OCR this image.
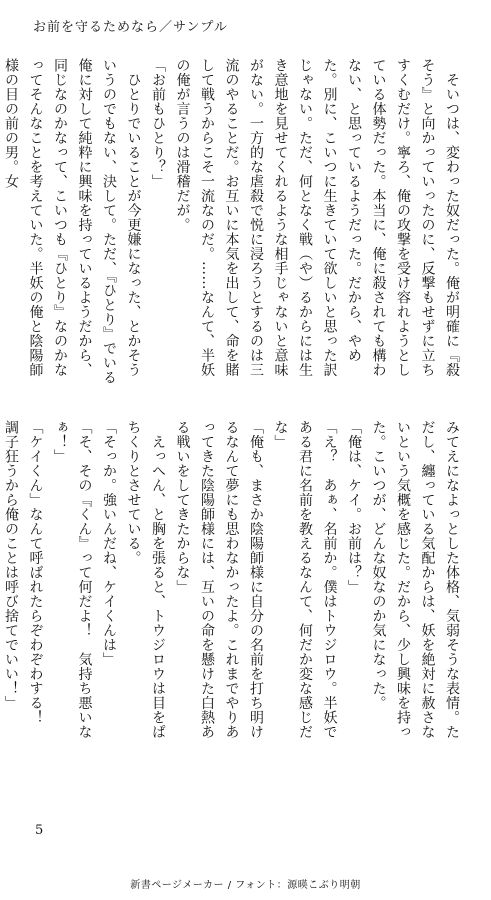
お前を守るためなら／サンプル

　そいつは、変わった奴だった。俺が明確に『殺そう』と向かっていったのに、反撃もせずに立ちすくむだけ。寧ろ、俺の攻撃を受け容れようとしている体勢だった。本当に、俺に殺されても構わない、と思っているようだった。だから、やめた。別に、こいつに生きていて欲しいと思った訳じゃない。ただ、何となく戦（や）るからには生き意地を見せてくれるような相手じゃないと意味がない。一方的な虐殺で悦に浸ろうとするのは三流のやることだ。お互いに本気を出して、命を賭して戦うからこそ一流なのだ。……なんて、半妖の俺が言うのは滑稽だが。

「お前もひとり？」

　ひとりでいることが今更嫌になった、とかそういうのでもない、決して。ただ、『ひとり』でいる俺に対して純粋に興味を持っているようだから、同じなのかなって、こいつも『ひとり』なのかなってそんなことを考えていた。半妖の俺と陰陽師様の目の前の男。女

みてえになよっとした体格、気弱そうな表情。ただし、纏っている気配からは、妖を絶対に赦さないという気概を感じた。だから、少し興味を持った。こいつが、どんな奴なのか気になった。

「俺は、ケイ。お前は？」

「え？　あぁ、名前か。僕はトウジロウ。半妖である君に名前を教えるなんて、何だか変な感じだな」

「俺も、まさか陰陽師様に自分の名前を打ち明けるなんて夢にも思わなかったよ。これまでやりあってきた陰陽師様には、互いの命を懸けた白熱ある戦いをしてきたからな」

　えっへん、と胸を張ると、トウジロウは目をぱちくりとさせている。

「そっか。強いんだね、ケイくんは」

「そ、その『くん』って何だよ！　気持ち悪いなぁ！」

「ケイくん」なんて呼ばれたらぞわぞわする！　調子狂うから俺のことは呼び捨てでいい！」

5
新書ページメーカー / フォント：源暎こぶり明朝
